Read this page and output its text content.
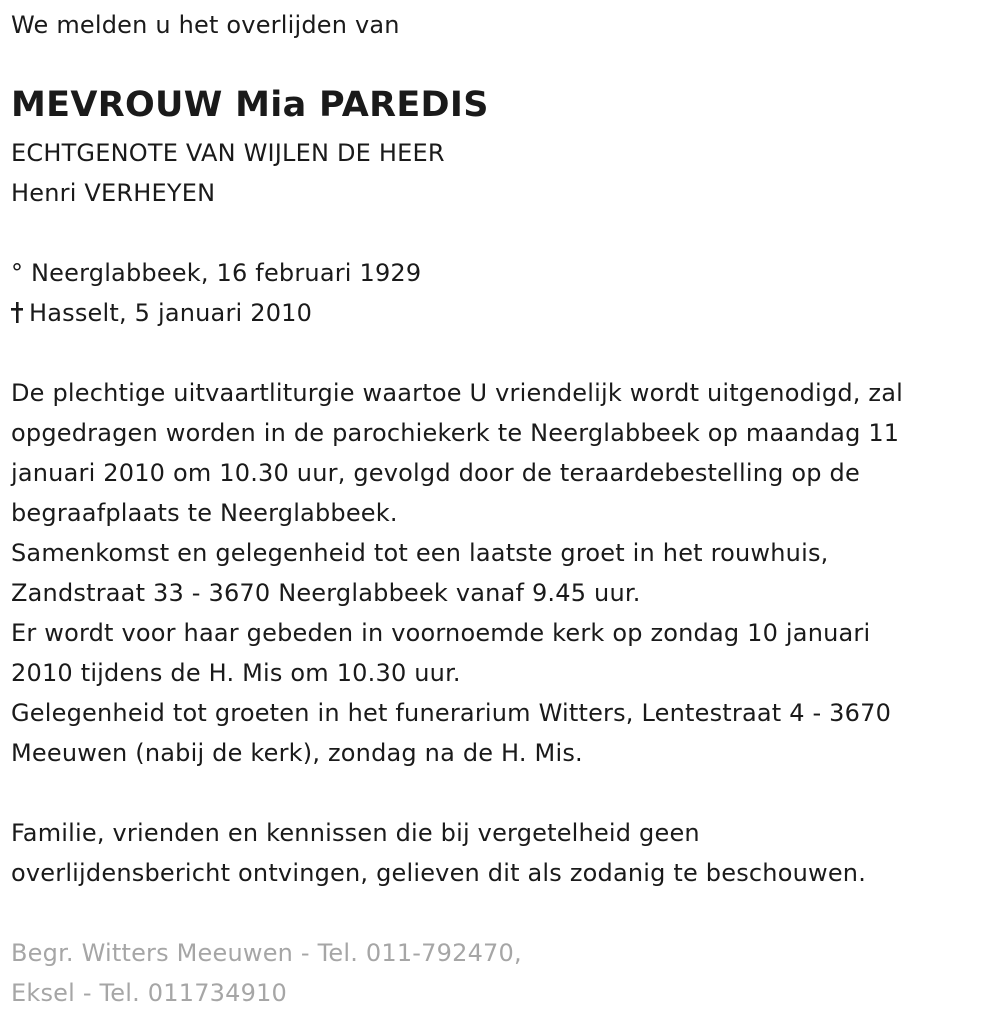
We melden u het overlijden van
MEVROUW Mia PAREDIS
ECHTGENOTE VAN WIJLEN DE HEER
Henri VERHEYEN
° Neerglabbeek, 16 februari 1929
Hasselt, 5 januari 2010
De plechtige uitvaartliturgie waartoe U vriendelijk wordt uitgenodigd, zal
opgedragen worden in de parochiekerk te Neerglabbeek op maandag 11
januari 2010 om 10.30 uur, gevolgd door de teraardebestelling op de
begraafplaats te Neerglabbeek.
Samenkomst en gelegenheid tot een laatste groet in het rouwhuis,
Zandstraat 33 - 3670 Neerglabbeek vanaf 9.45 uur.
Er wordt voor haar gebeden in voornoemde kerk op zondag 10 januari
2010 tijdens de H. Mis om 10.30 uur.
Gelegenheid tot groeten in het funerarium Witters, Lentestraat 4 - 3670
Meeuwen (nabij de kerk), zondag na de H. Mis.
Familie, vrienden en kennissen die bij vergetelheid geen
overlijdensbericht ontvingen, gelieven dit als zodanig te beschouwen.
Begr. Witters Meeuwen - Tel. 011-792470,
Eksel - Tel. 011734910
